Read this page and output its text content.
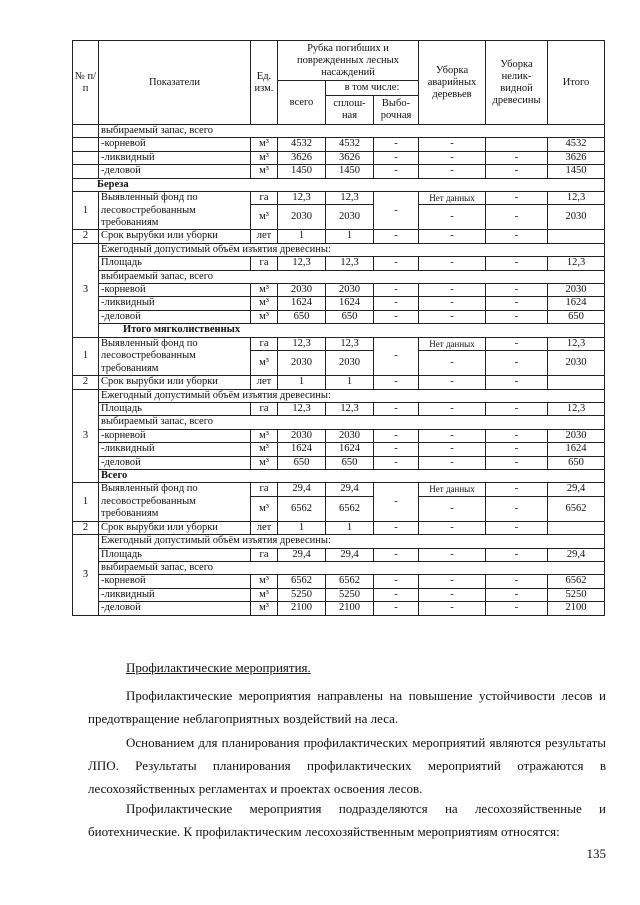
№ п/п	Показатели	Ед. изм.	Рубка погибших и поврежденных лесных насаждений			Уборка аварийных деревьев	Уборка нелик-видной древесины	Итого
			всего	в том числе:				
				сплош-ная	Выбо-рочная			
	выбираемый запас, всего							
	-корневой	м³	4532	4532	-	-		4532
	-ликвидный	м³	3626	3626	-	-	-	3626
	-деловой	м³	1450	1450	-	-	-	1450
Береза								
1	Выявленный фонд по лесовостребованным требованиям	га	12,3	12,3	-	Нет данных	-	12,3
		м³	2030	2030		-	-	2030
2	Срок вырубки или уборки	лет	1	1	-	-	-	
3	Ежегодный допустимый объём изъятия древесины:							
	Площадь	га	12,3	12,3	-	-	-	12,3
	выбираемый запас, всего							
	-корневой	м³	2030	2030	-	-	-	2030
	-ликвидный	м³	1624	1624	-	-	-	1624
	-деловой	м³	650	650	-	-	-	650
	Итого мягколиственных							
1	Выявленный фонд по лесовостребованным требованиям	га	12,3	12,3	-	Нет данных	-	12,3
		м³	2030	2030		-	-	2030
2	Срок вырубки или уборки	лет	1	1	-	-	-	
3	Ежегодный допустимый объём изъятия древесины:							
	Площадь	га	12,3	12,3	-	-	-	12,3
	выбираемый запас, всего							
	-корневой	м³	2030	2030	-	-	-	2030
	-ликвидный	м³	1624	1624	-	-	-	1624
	-деловой	м³	650	650	-	-	-	650
	Всего							
1	Выявленный фонд по лесовостребованным требованиям	га	29,4	29,4	-	Нет данных	-	29,4
		м³	6562	6562		-	-	6562
2	Срок вырубки или уборки	лет	1	1	-	-	-	
3	Ежегодный допустимый объём изъятия древесины:							
	Площадь	га	29,4	29,4	-	-	-	29,4
	выбираемый запас, всего							
	-корневой	м³	6562	6562	-	-	-	6562
	-ликвидный	м³	5250	5250	-	-	-	5250
	-деловой	м³	2100	2100	-	-	-	2100
Профилактические мероприятия.
Профилактические мероприятия направлены на повышение устойчивости лесов и
предотвращение неблагоприятных воздействий на леса.
Основанием для планирования профилактических мероприятий являются результаты
ЛПО. Результаты планирования профилактических мероприятий отражаются в
лесохозяйственных регламентах и проектах освоения лесов.
Профилактические мероприятия подразделяются на лесохозяйственные и
биотехнические. К профилактическим лесохозяйственным мероприятиям относятся:
135
